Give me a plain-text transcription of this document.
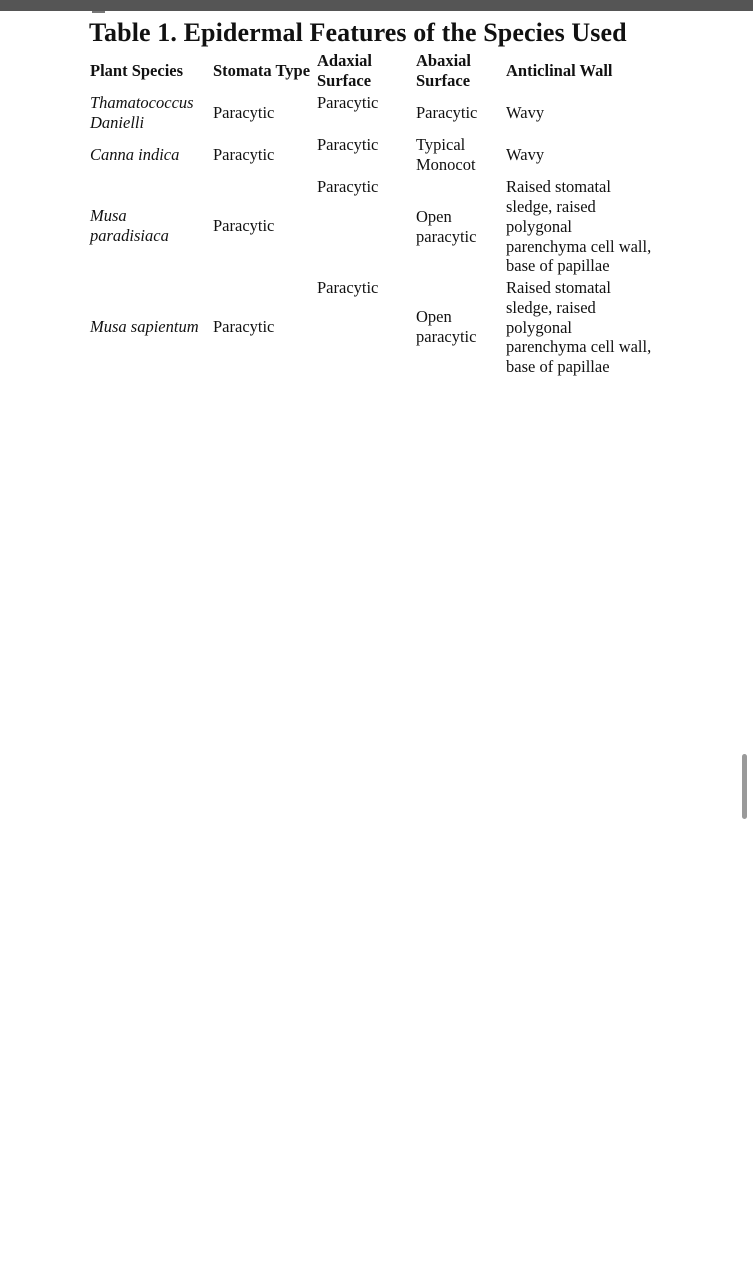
Table 1. Epidermal Features of the Species Used
Plant Species Stomata Type
Adaxial
Surface
Abaxial
Surface
Anticlinal Wall
Thamatococcus
Danielli
Paracytic
Paracytic
Paracytic Wavy
Canna indica Paracytic
Paracytic Typical
Monocot
Wavy
Musa
paradisiaca
Paracytic
Paracytic
Open
paracytic
Raised stomatal
sledge, raised
polygonal
parenchyma cell wall,
base of papillae
Musa sapientum Paracytic
Paracytic
Open
paracytic
Raised stomatal
sledge, raised
polygonal
parenchyma cell wall,
base of papillae
